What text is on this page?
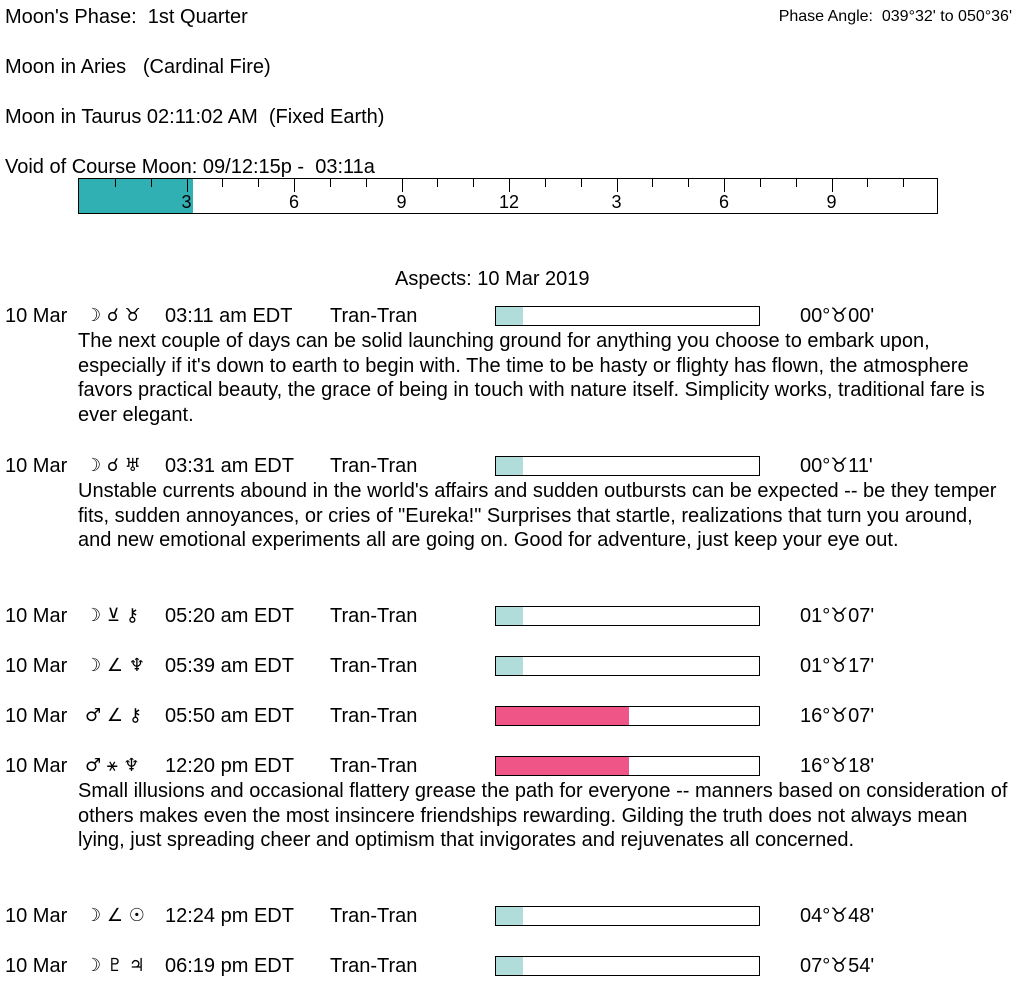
Moon's Phase:  1st Quarter	Phase Angle:  039°32' to 050°36'
Moon in Aries   (Cardinal Fire)
Moon in Taurus 02:11:02 AM  (Fixed Earth)
Void of Course Moon: 09/12:15p -  03:11a
3	6	9	12	3	6	9
Aspects: 10 Mar 2019
10 Mar ☽ ☌ ♉ 03:11 am EDT Tran-Tran	00°♉00'
The next couple of days can be solid launching ground for anything you choose to embark upon, especially if it's down to earth to begin with. The time to be hasty or flighty has flown, the atmosphere favors practical beauty, the grace of being in touch with nature itself. Simplicity works, traditional fare is ever elegant.
10 Mar ☽ ☌ ♅ 03:31 am EDT Tran-Tran	00°♉11'
Unstable currents abound in the world's affairs and sudden outbursts can be expected -- be they temper fits, sudden annoyances, or cries of "Eureka!" Surprises that startle, realizations that turn you around, and new emotional experiments all are going on. Good for adventure, just keep your eye out.
10 Mar ☽ ⊻ ⚷ 05:20 am EDT Tran-Tran	01°♉07'
10 Mar ☽ ∠ ♆ 05:39 am EDT Tran-Tran	01°♉17'
10 Mar ♂ ∠ ⚷ 05:50 am EDT Tran-Tran	16°♉07'
10 Mar ♂ ⚹ ♆ 12:20 pm EDT Tran-Tran	16°♉18'
Small illusions and occasional flattery grease the path for everyone -- manners based on consideration of others makes even the most insincere friendships rewarding. Gilding the truth does not always mean lying, just spreading cheer and optimism that invigorates and rejuvenates all concerned.
10 Mar ☽ ∠ ☉ 12:24 pm EDT Tran-Tran	04°♉48'
10 Mar ☽ ♇ ♃ 06:19 pm EDT Tran-Tran	07°♉54'
